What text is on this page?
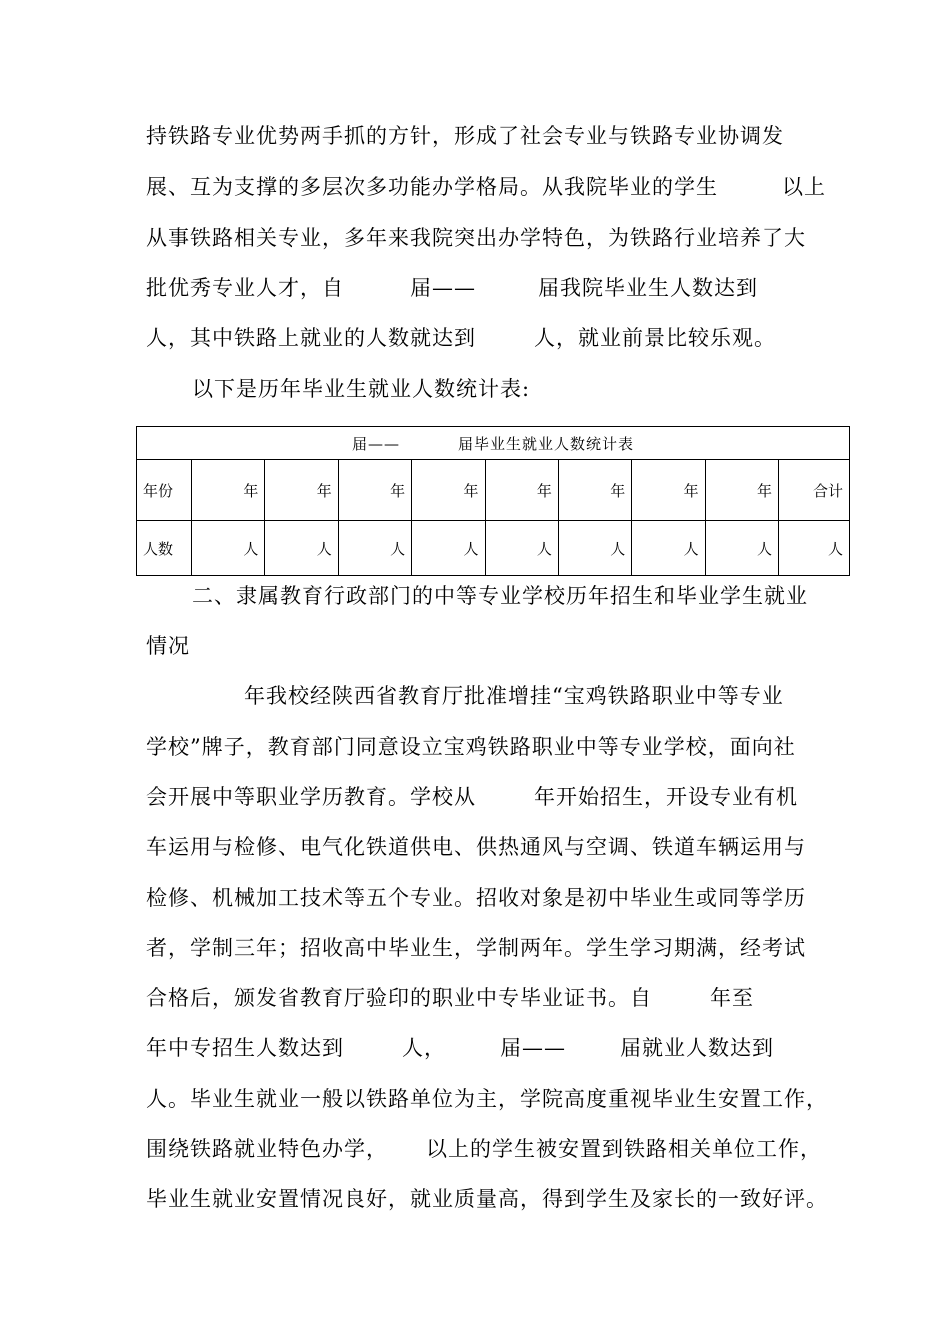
持铁路专业优势两手抓的方针，形成了社会专业与铁路专业协调发
展、互为支撑的多层次多功能办学格局。从我院毕业的学生	以上
从事铁路相关专业，多年来我院突出办学特色，为铁路行业培养了大
批优秀专业人才，自	届——	届我院毕业生人数达到
人，其中铁路上就业的人数就达到	人，就业前景比较乐观。
以下是历年毕业生就业人数统计表:
届—— 届毕业生就业人数统计表									
年份	年	年	年	年	年	年	年	年	合计
人数	人	人	人	人	人	人	人	人	人
二、隶属教育行政部门的中等专业学校历年招生和毕业学生就业
情况
年我校经陕西省教育厅批准增挂“宝鸡铁路职业中等专业
学校”牌子，教育部门同意设立宝鸡铁路职业中等专业学校，面向社
会开展中等职业学历教育。学校从	年开始招生，开设专业有机
车运用与检修、电气化铁道供电、供热通风与空调、铁道车辆运用与
检修、机械加工技术等五个专业。招收对象是初中毕业生或同等学历
者，学制三年；招收高中毕业生，学制两年。学生学习期满，经考试
合格后，颁发省教育厅验印的职业中专毕业证书。自	年至
年中专招生人数达到	人，	届——	届就业人数达到
人。毕业生就业一般以铁路单位为主，学院高度重视毕业生安置工作，
围绕铁路就业特色办学， 以上的学生被安置到铁路相关单位工作，
毕业生就业安置情况良好，就业质量高，得到学生及家长的一致好评。
